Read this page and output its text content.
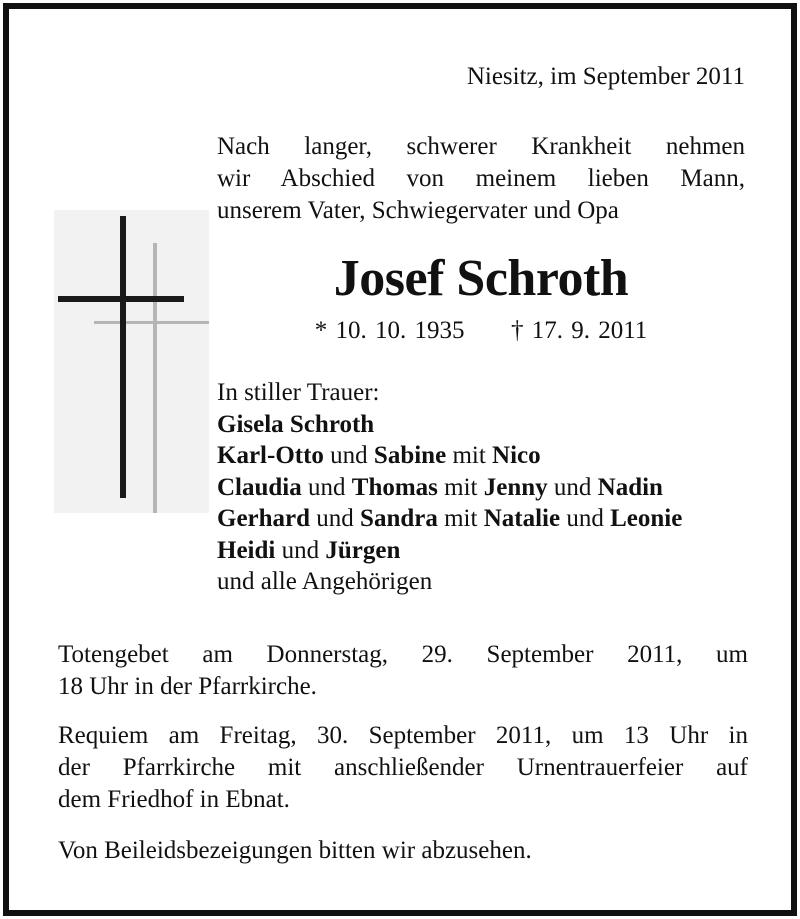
Niesitz, im September 2011
Nach langer, schwerer Krankheit nehmen
wir Abschied von meinem lieben Mann,
unserem Vater, Schwiegervater und Opa
Josef Schroth
* 10. 10. 1935 † 17. 9. 2011
In stiller Trauer:
Gisela Schroth
Karl-Otto und Sabine mit Nico
Claudia und Thomas mit Jenny und Nadin
Gerhard und Sandra mit Natalie und Leonie
Heidi und Jürgen
und alle Angehörigen
Totengebet am Donnerstag, 29. September 2011, um
18 Uhr in der Pfarrkirche.
Requiem am Freitag, 30. September 2011, um 13 Uhr in
der Pfarrkirche mit anschließender Urnentrauerfeier auf
dem Friedhof in Ebnat.
Von Beileidsbezeigungen bitten wir abzusehen.
